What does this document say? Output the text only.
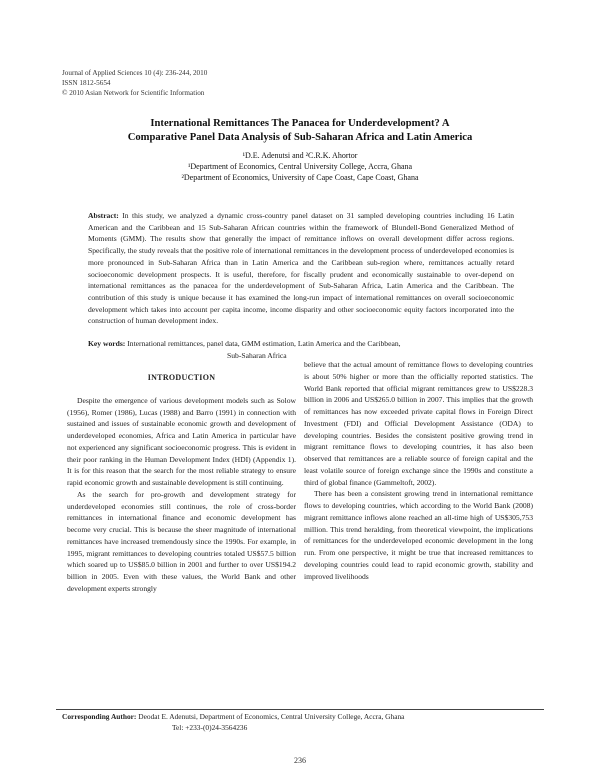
Journal of Applied Sciences 10 (4): 236-244, 2010
ISSN 1812-5654
© 2010 Asian Network for Scientific Information
International Remittances The Panacea for Underdevelopment? A
Comparative Panel Data Analysis of Sub-Saharan Africa and Latin America
¹D.E. Adenutsi and ²C.R.K. Ahortor
¹Department of Economics, Central University College, Accra, Ghana
²Department of Economics, University of Cape Coast, Cape Coast, Ghana
Abstract: In this study, we analyzed a dynamic cross-country panel dataset on 31 sampled developing countries including 16 Latin American and the Caribbean and 15 Sub-Saharan African countries within the framework of Blundell-Bond Generalized Method of Moments (GMM). The results show that generally the impact of remittance inflows on overall development differ across regions. Specifically, the study reveals that the positive role of international remittances in the development process of underdeveloped economies is more pronounced in Sub-Saharan Africa than in Latin America and the Caribbean sub-region where, remittances actually retard socioeconomic development prospects. It is useful, therefore, for fiscally prudent and economically sustainable to over-depend on international remittances as the panacea for the underdevelopment of Sub-Saharan Africa, Latin America and the Caribbean. The contribution of this study is unique because it has examined the long-run impact of international remittances on overall socioeconomic development which takes into account per capita income, income disparity and other socioeconomic equity factors incorporated into the construction of human development index.
Key words: International remittances, panel data, GMM estimation, Latin America and the Caribbean,
Sub-Saharan Africa
INTRODUCTION

Despite the emergence of various development models such as Solow (1956), Romer (1986), Lucas (1988) and Barro (1991) in connection with sustained and issues of sustainable economic growth and development of underdeveloped economies, Africa and Latin America in particular have not experienced any significant socioeconomic progress. This is evident in their poor ranking in the Human Development Index (HDI) (Appendix 1). It is for this reason that the search for the most reliable strategy to ensure rapid economic growth and sustainable development is still continuing.

As the search for pro-growth and development strategy for underdeveloped economies still continues, the role of cross-border remittances in international finance and economic development has become very crucial. This is because the sheer magnitude of international remittances have increased tremendously since the 1990s. For example, in 1995, migrant remittances to developing countries totaled US$57.5 billion which soared up to US$85.0 billion in 2001 and further to over US$194.2 billion in 2005. Even with these values, the World Bank and other development experts strongly

believe that the actual amount of remittance flows to developing countries is about 50% higher or more than the officially reported statistics. The World Bank reported that official migrant remittances grew to US$228.3 billion in 2006 and US$265.0 billion in 2007. This implies that the growth of remittances has now exceeded private capital flows in Foreign Direct Investment (FDI) and Official Development Assistance (ODA) to developing countries. Besides the consistent positive growing trend in migrant remittance flows to developing countries, it has also been observed that remittances are a reliable source of foreign capital and the least volatile source of foreign exchange since the 1990s and constitute a third of global finance (Gammeltoft, 2002).

There has been a consistent growing trend in international remittance flows to developing countries, which according to the World Bank (2008) migrant remittance inflows alone reached an all-time high of US$305,753 million. This trend heralding, from theoretical viewpoint, the implications of remittances for the underdeveloped economic development in the long run. From one perspective, it might be true that increased remittances to developing countries could lead to rapid economic growth, stability and improved livelihoods

Corresponding Author: Deodat E. Adenutsi, Department of Economics, Central University College, Accra, Ghana
Tel: +233-(0)24-3564236
236
